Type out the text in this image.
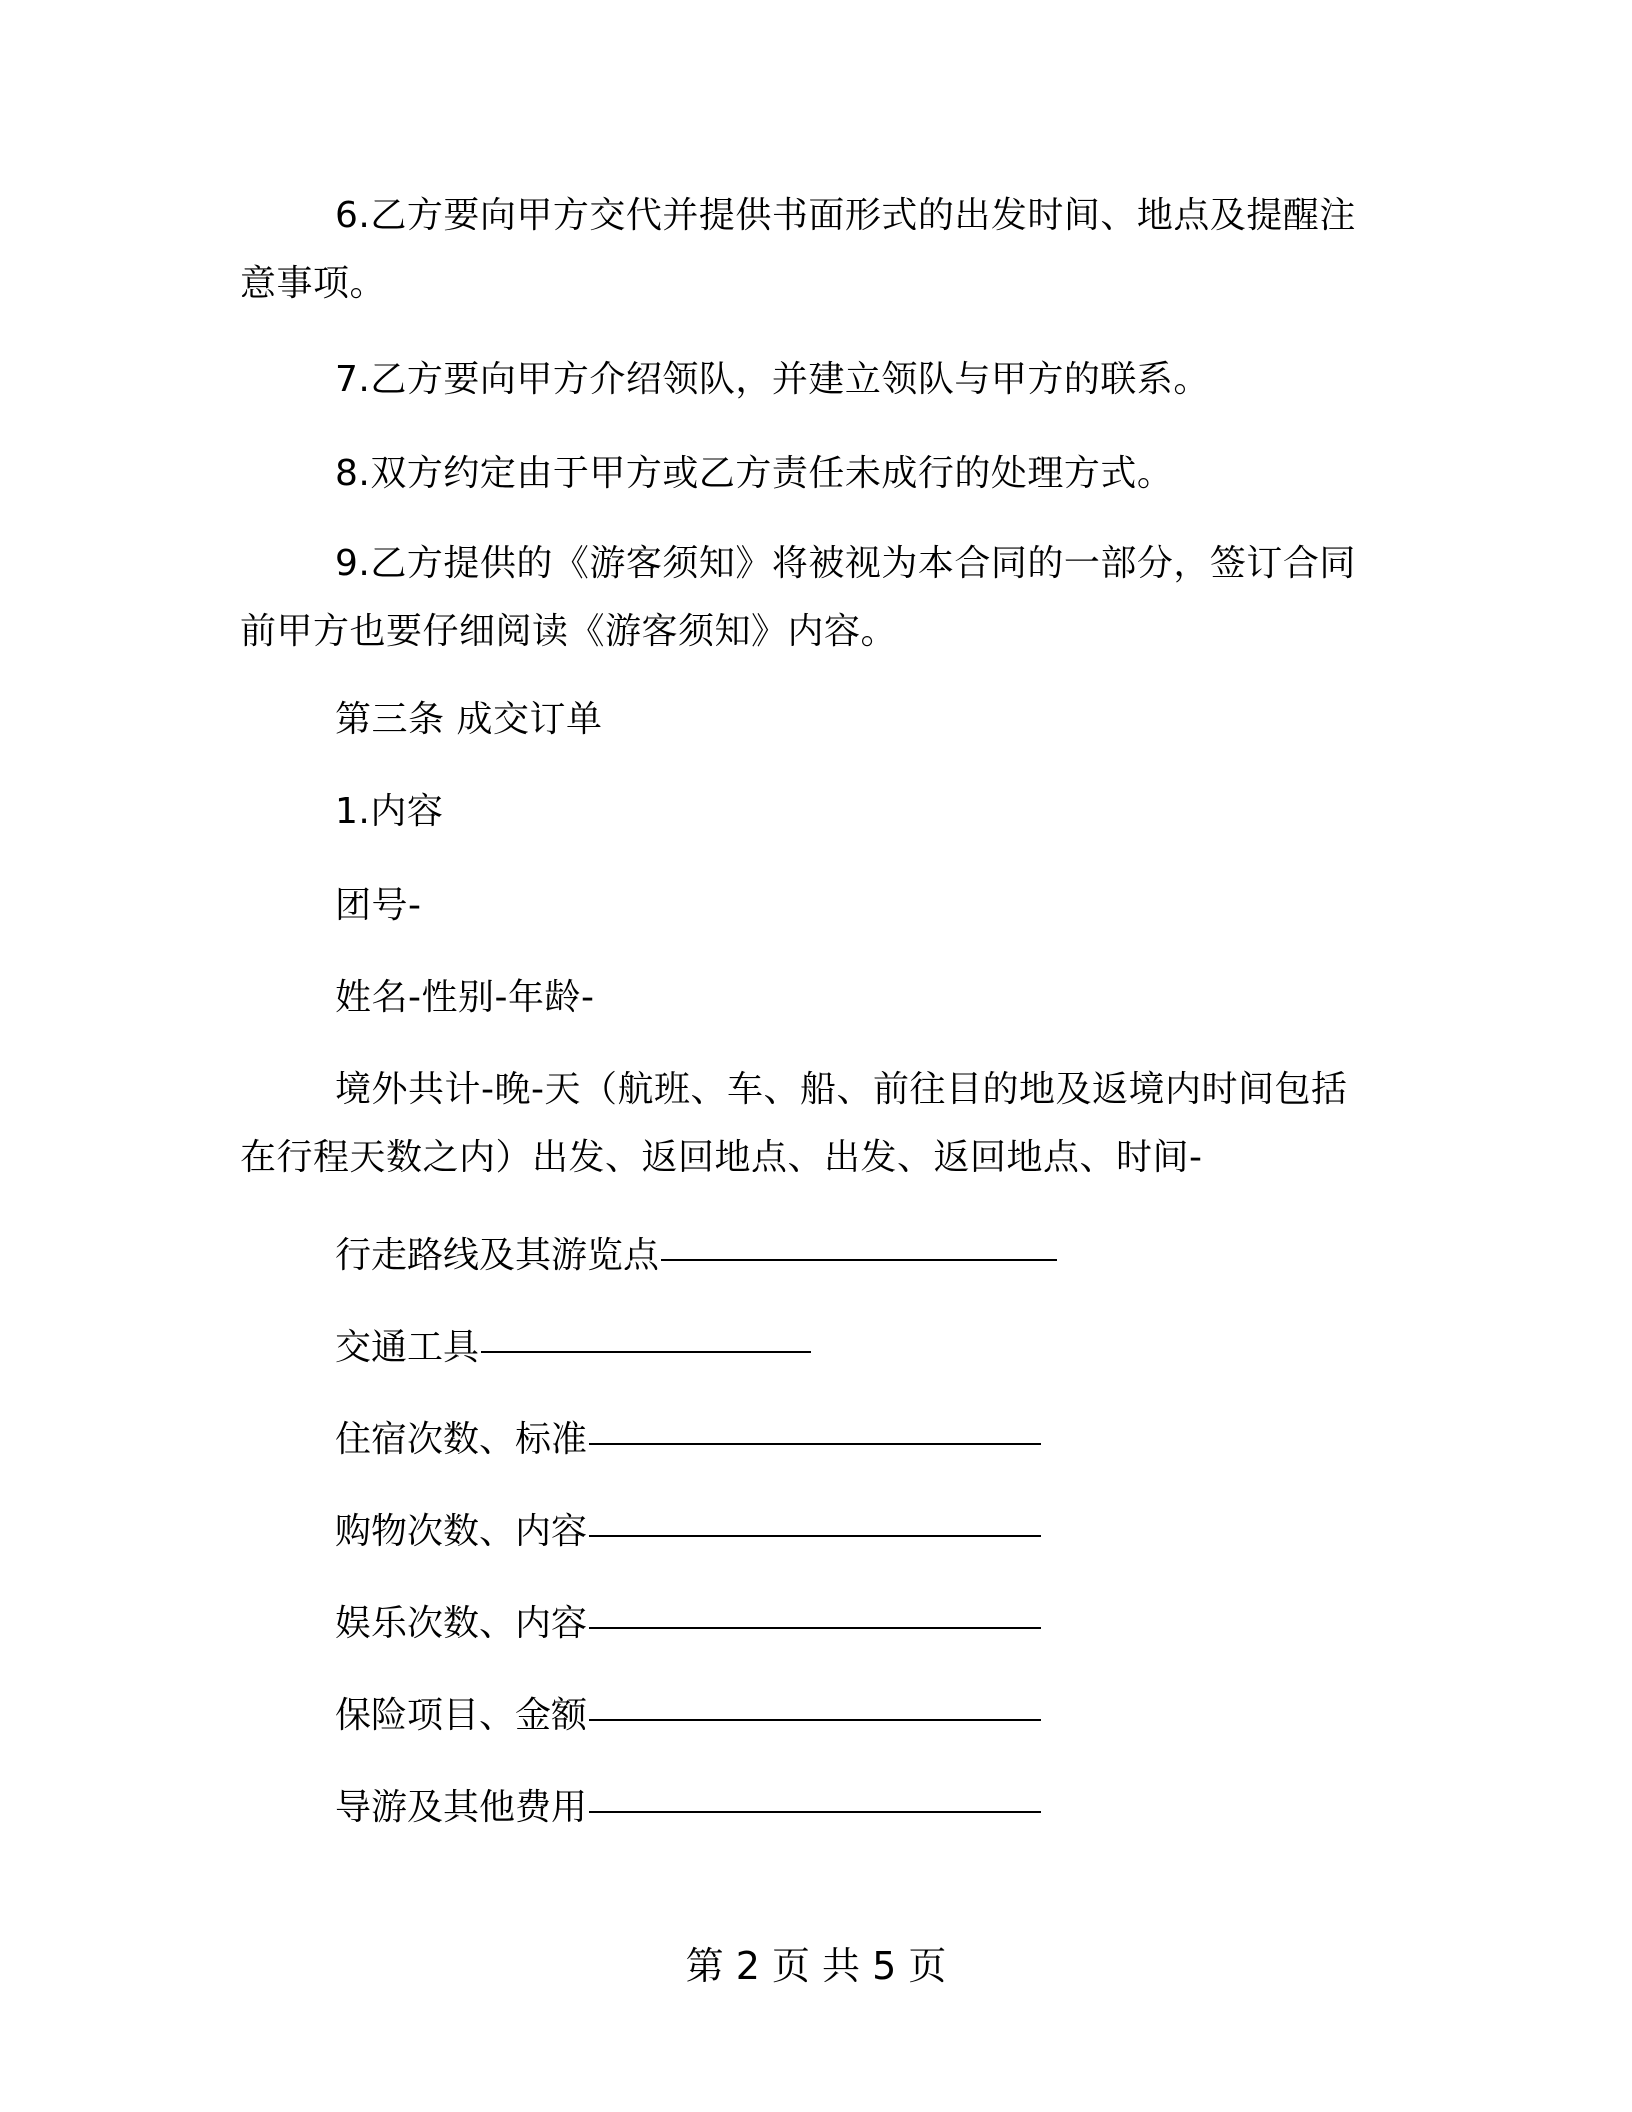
6.乙方要向甲方交代并提供书面形式的出发时间、地点及提醒注意事项。

7.乙方要向甲方介绍领队，并建立领队与甲方的联系。

8.双方约定由于甲方或乙方责任未成行的处理方式。

9.乙方提供的《游客须知》将被视为本合同的一部分，签订合同前甲方也要仔细阅读《游客须知》内容。

第三条 成交订单

1.内容

团号-

姓名-性别-年龄-

境外共计-晚-天（航班、车、船、前往目的地及返境内时间包括在行程天数之内）出发、返回地点、出发、返回地点、时间-

行走路线及其游览点
交通工具
住宿次数、标准
购物次数、内容
娱乐次数、内容
保险项目、金额
导游及其他费用

第 2 页 共 5 页
